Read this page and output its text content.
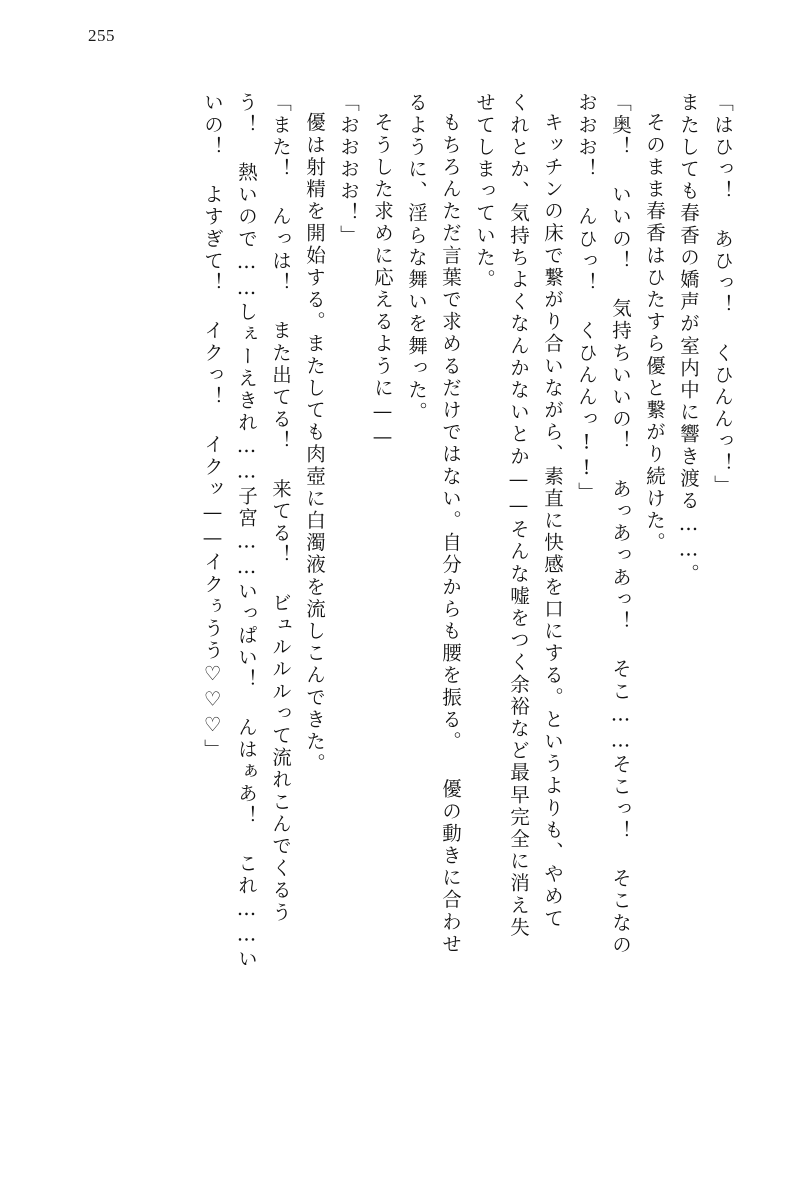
255
「はひっ！ あひっ！ くひんんっ！」
またしても春香の嬌声が室内中に響き渡る……。
そのまま春香はひたすら優と繋がり続けた。
「奥！ いいの！ 気持ちいいの！ あっあっあっ！ そこ……そこっ！ そこなの
おおお！ んひっ！ くひんんっ!!」
キッチンの床で繋がり合いながら、素直に快感を口にする。というよりも、やめて
くれとか、気持ちよくなんかないとか——そんな嘘をつく余裕など最早完全に消え失
せてしまっていた。
もちろんただ言葉で求めるだけではない。自分からも腰を振る。 優の動きに合わせ
るように、淫らな舞いを舞った。
そうした求めに応えるように——
「おおおお！」
優は射精を開始する。またしても肉壺に白濁液を流しこんできた。
「また！ んっは！ また出てる！ 来てる！ ビュルルルって流れこんでくるう
う！ 熱いので……しぇーえきれ……子宮……いっぱい！ んはぁあ！ これ……い
いの！ よすぎて！ イクっ！ イクッ——イクぅうう♡♡♡」
